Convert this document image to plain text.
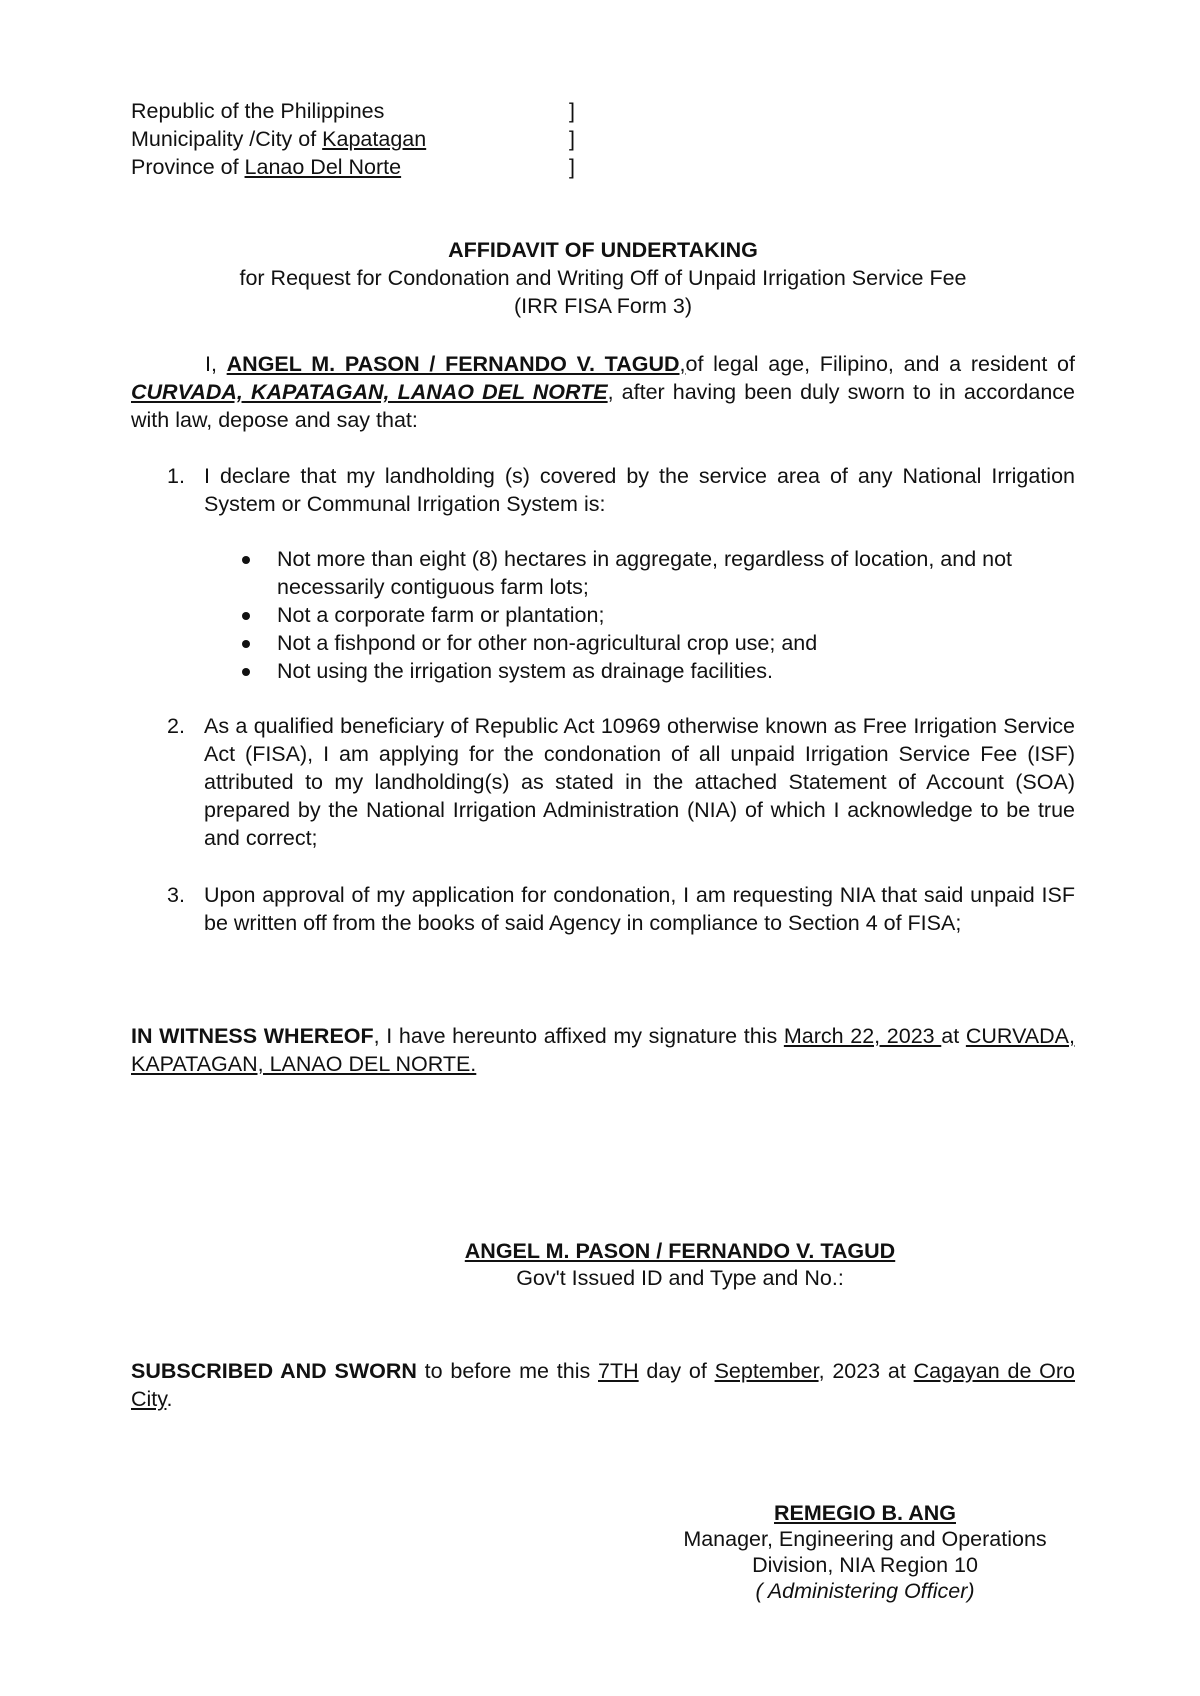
Republic of the Philippines	]
Municipality /City of Kapatagan	]
Province of Lanao Del Norte	]
AFFIDAVIT OF UNDERTAKING
for Request for Condonation and Writing Off of Unpaid Irrigation Service Fee
(IRR FISA Form 3)
I, ANGEL M. PASON / FERNANDO V. TAGUD,of legal age, Filipino, and a resident of CURVADA, KAPATAGAN, LANAO DEL NORTE, after having been duly sworn to in accordance with law, depose and say that:
1. I declare that my landholding (s) covered by the service area of any National Irrigation System or Communal Irrigation System is:
Not more than eight (8) hectares in aggregate, regardless of location, and not necessarily contiguous farm lots;
Not a corporate farm or plantation;
Not a fishpond or for other non-agricultural crop use; and
Not using the irrigation system as drainage facilities.
2. As a qualified beneficiary of Republic Act 10969 otherwise known as Free Irrigation Service Act (FISA), I am applying for the condonation of all unpaid Irrigation Service Fee (ISF) attributed to my landholding(s) as stated in the attached Statement of Account (SOA) prepared by the National Irrigation Administration (NIA) of which I acknowledge to be true and correct;
3. Upon approval of my application for condonation, I am requesting NIA that said unpaid ISF be written off from the books of said Agency in compliance to Section 4 of FISA;
IN WITNESS WHEREOF, I have hereunto affixed my signature this March 22, 2023 at CURVADA, KAPATAGAN, LANAO DEL NORTE.
ANGEL M. PASON / FERNANDO V. TAGUD
Gov't Issued ID and Type and No.:
SUBSCRIBED AND SWORN to before me this 7TH day of September, 2023 at Cagayan de Oro City.
REMEGIO B. ANG
Manager, Engineering and Operations
Division, NIA Region 10
( Administering Officer)
